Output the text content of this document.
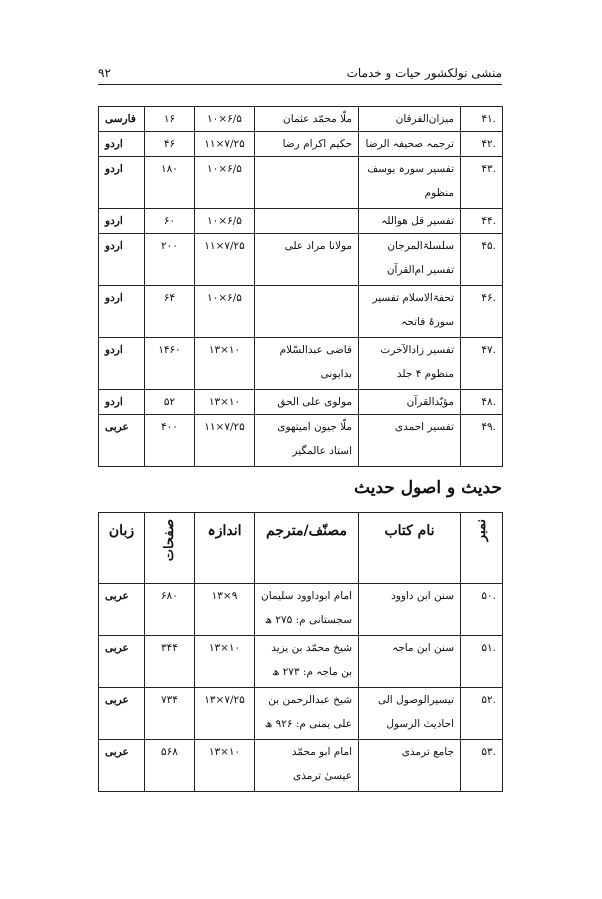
منشی نولکشور حیات و خدمات
۹۲
.۴۱	میزان‌الفرقان	ملّا محمّد عثمان	۶/۵×۱۰	۱۶	فارسی
.۴۲	ترجمہ صحیفہ الرضا	حکیم اکرام رضا	۷/۲۵×۱۱	۴۶	اردو
.۴۳	تفسیر سورہ یوسف منظوم		۶/۵×۱۰	۱۸۰	اردو
.۴۴	تفسیر قل ھواللہ		۶/۵×۱۰	۶۰	اردو
.۴۵	سلسلۃالمرجان تفسیر ام‌القرآن	مولانا مراد علی	۷/۲۵×۱۱	۲۰۰	اردو
.۴۶	تحفۃالاسلام تفسیر سورۂ فاتحہ		۶/۵×۱۰	۶۴	اردو
.۴۷	تفسیر زادالآخرت منظوم ۴ جلد	قاضی عبدالسّلام بدایونی	۱۰×۱۳	۱۴۶۰	اردو
.۴۸	مؤیّدالقرآن	مولوی علی الحق	۱۰×۱۳	۵۲	اردو
.۴۹	تفسیر احمدی	ملّا جیون امیتھوی استاد عالمگیر	۷/۲۵×۱۱	۴۰۰	عربی
حدیث و اصول حدیث
نمبر	نام کتاب	مصنّف/مترجم	اندازہ	صفحات	زبان
.۵۰	سنن ابن داوود	امام ابوداوود سلیمان سجستانی م: ۲۷۵ ھ	۹×۱۳	۶۸۰	عربی
.۵۱	سنن ابن ماجہ	شیخ محمّد بن یزید بن ماجہ م: ۲۷۳ ھ	۱۰×۱۳	۳۴۴	عربی
.۵۲	تیسیرالوصول الی احادیث الرسول	شیخ عبدالرحمن بن علی یمنی م: ۹۲۶ ھ	۷/۲۵×۱۳	۷۳۴	عربی
.۵۳	جامع ترمذی	امام ابو محمّد عیسیٰ ترمذی	۱۰×۱۳	۵۶۸	عربی
